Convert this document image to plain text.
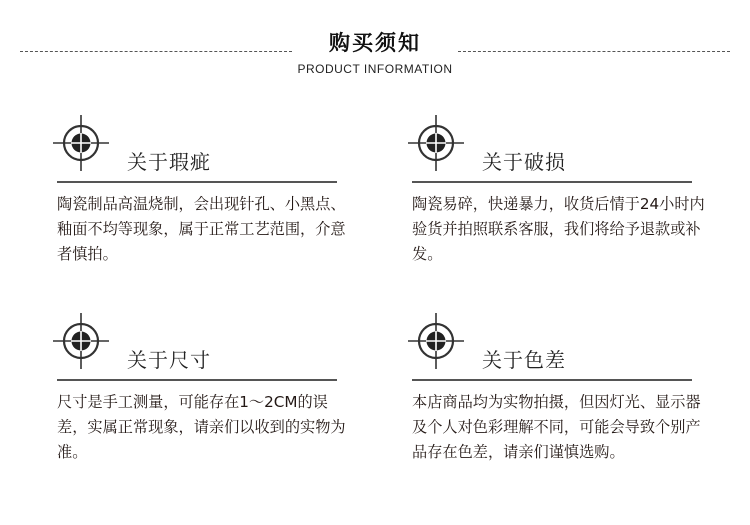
购买须知
PRODUCT INFORMATION
关于瑕疵
陶瓷制品高温烧制，会出现针孔、小黑点、釉面不均等现象，属于正常工艺范围，介意者慎拍。
关于破损
陶瓷易碎，快递暴力，收货后情于24小时内验货并拍照联系客服，我们将给予退款或补发。
关于尺寸
尺寸是手工测量，可能存在1～2CM的误差，实属正常现象，请亲们以收到的实物为准。
关于色差
本店商品均为实物拍摄，但因灯光、显示器及个人对色彩理解不同，可能会导致个别产品存在色差，请亲们谨慎选购。
